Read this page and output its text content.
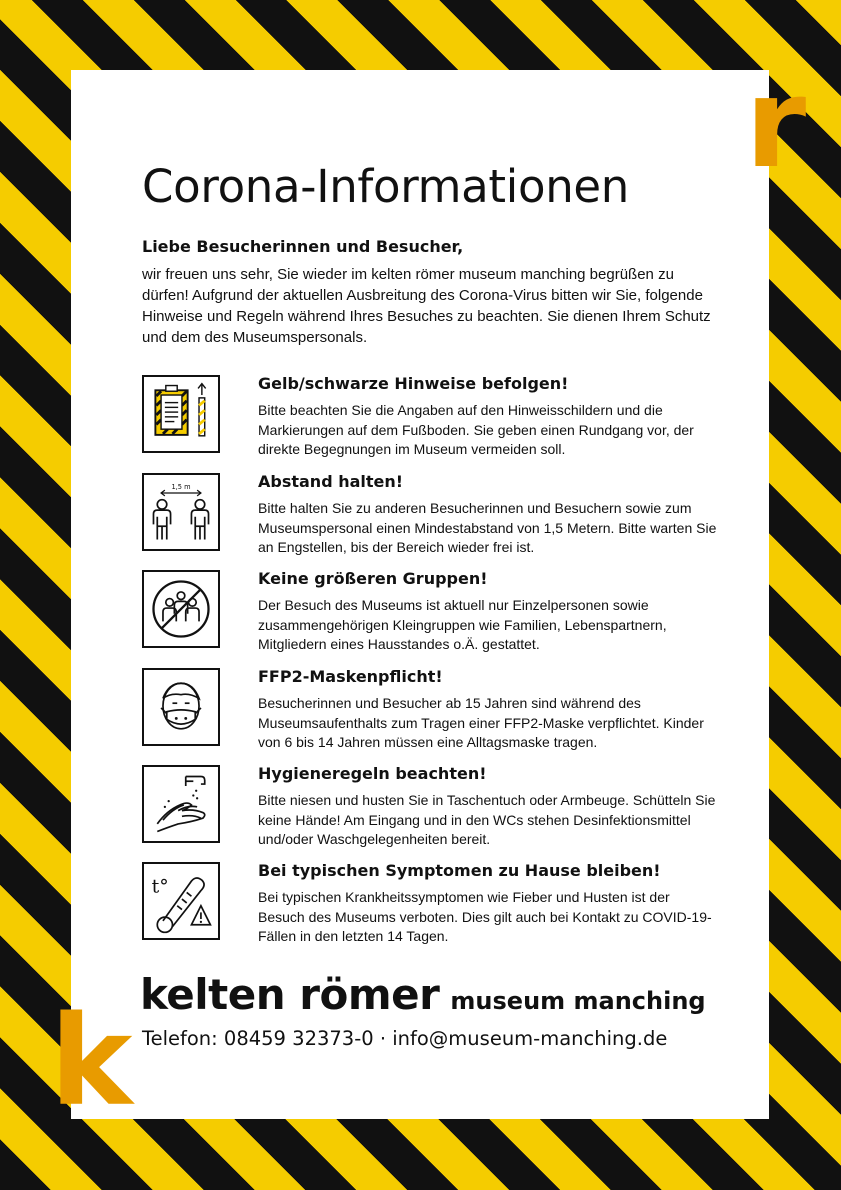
r
k
Corona-Informationen
Liebe Besucherinnen und Besucher,
wir freuen uns sehr, Sie wieder im kelten römer museum manching begrüßen zu dürfen! Aufgrund der aktuellen Ausbreitung des Corona-Virus bitten wir Sie, folgende Hinweise und Regeln während Ihres Besuches zu beachten. Sie dienen Ihrem Schutz und dem des Museumspersonals.
Gelb/schwarze Hinweise befolgen!
Bitte beachten Sie die Angaben auf den Hinweisschildern und die Markierungen auf dem Fußboden. Sie geben einen Rundgang vor, der direkte Begegnungen im Museum vermeiden soll.
1,5 m	Abstand halten!
Bitte halten Sie zu anderen Besucherinnen und Besuchern sowie zum Museumspersonal einen Mindestabstand von 1,5 Metern. Bitte warten Sie an Engstellen, bis der Bereich wieder frei ist.
Keine größeren Gruppen!
Der Besuch des Museums ist aktuell nur Einzelpersonen sowie zusammengehörigen Kleingruppen wie Familien, Lebenspartnern, Mitgliedern eines Hausstandes o.Ä. gestattet.
FFP2-Maskenpflicht!
Besucherinnen und Besucher ab 15 Jahren sind während des Museumsaufenthalts zum Tragen einer FFP2-Maske verpflichtet. Kinder von 6 bis 14 Jahren müssen eine Alltagsmaske tragen.
Hygieneregeln beachten!
Bitte niesen und husten Sie in Taschentuch oder Armbeuge. Schütteln Sie keine Hände! Am Eingang und in den WCs stehen Desinfektionsmittel und/oder Waschgelegenheiten bereit.
t°
Bei typischen Symptomen zu Hause bleiben!
Bei typischen Krankheitssymptomen wie Fieber und Husten ist der Besuch des Museums verboten. Dies gilt auch bei Kontakt zu COVID-19-Fällen in den letzten 14 Tagen.
kelten römer museum manching
Telefon: 08459 32373-0 · info@museum-manching.de
